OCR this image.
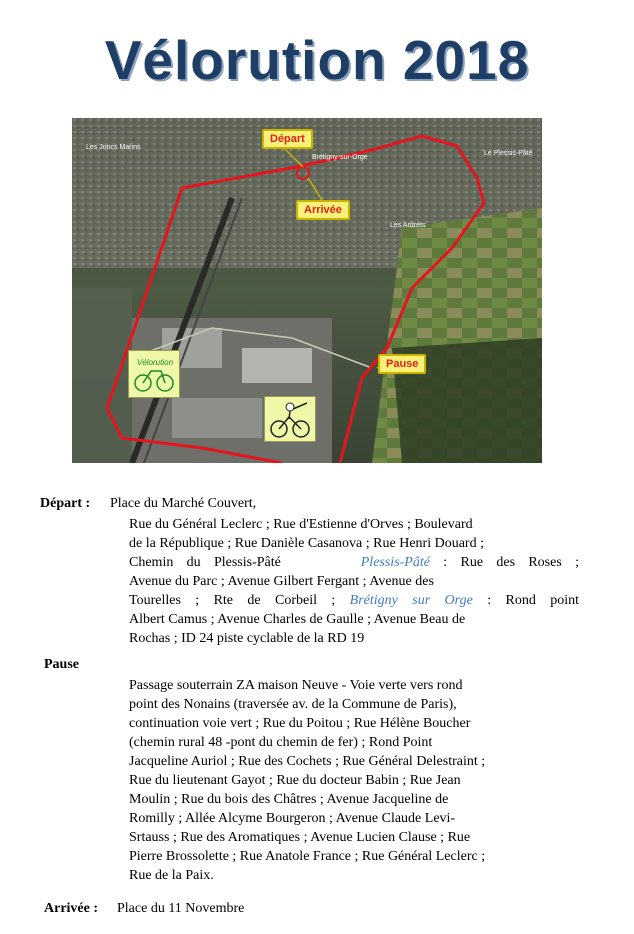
Vélorution 2018
Les Joncs Marins
Brétigny-sur-Orge
Le Plessis-Pâté
Les Ardrets
Départ
Arrivée
Pause
Vélorution
Départ : Place du Marché Couvert,
Rue du Général Leclerc ; Rue d'Estienne d'Orves ; Boulevard
de la République ; Rue Danièle Casanova ; Rue Henri Douard ;
Chemin du Plessis-Pâté	Plessis-Pâté : Rue des Roses ;
Avenue du Parc ; Avenue Gilbert Fergant ; Avenue des
Tourelles ; Rte de Corbeil ; Brétigny sur Orge : Rond point
Albert Camus ; Avenue Charles de Gaulle ; Avenue Beau de
Rochas ; ID 24 piste cyclable de la RD 19
Pause
Passage souterrain ZA maison Neuve - Voie verte vers rond
point des Nonains (traversée av. de la Commune de Paris),
continuation voie vert ; Rue du Poitou ; Rue Hélène Boucher
(chemin rural 48 -pont du chemin de fer) ; Rond Point
Jacqueline Auriol ; Rue des Cochets ; Rue Général Delestraint ;
Rue du lieutenant Gayot ; Rue du docteur Babin ; Rue Jean
Moulin ; Rue du bois des Châtres ; Avenue Jacqueline de
Romilly ; Allée Alcyme Bourgeron ; Avenue Claude Levi-
Srtauss ; Rue des Aromatiques ; Avenue Lucien Clause ; Rue
Pierre Brossolette ; Rue Anatole France ; Rue Général Leclerc ;
Rue de la Paix.
Arrivée : Place du 11 Novembre
